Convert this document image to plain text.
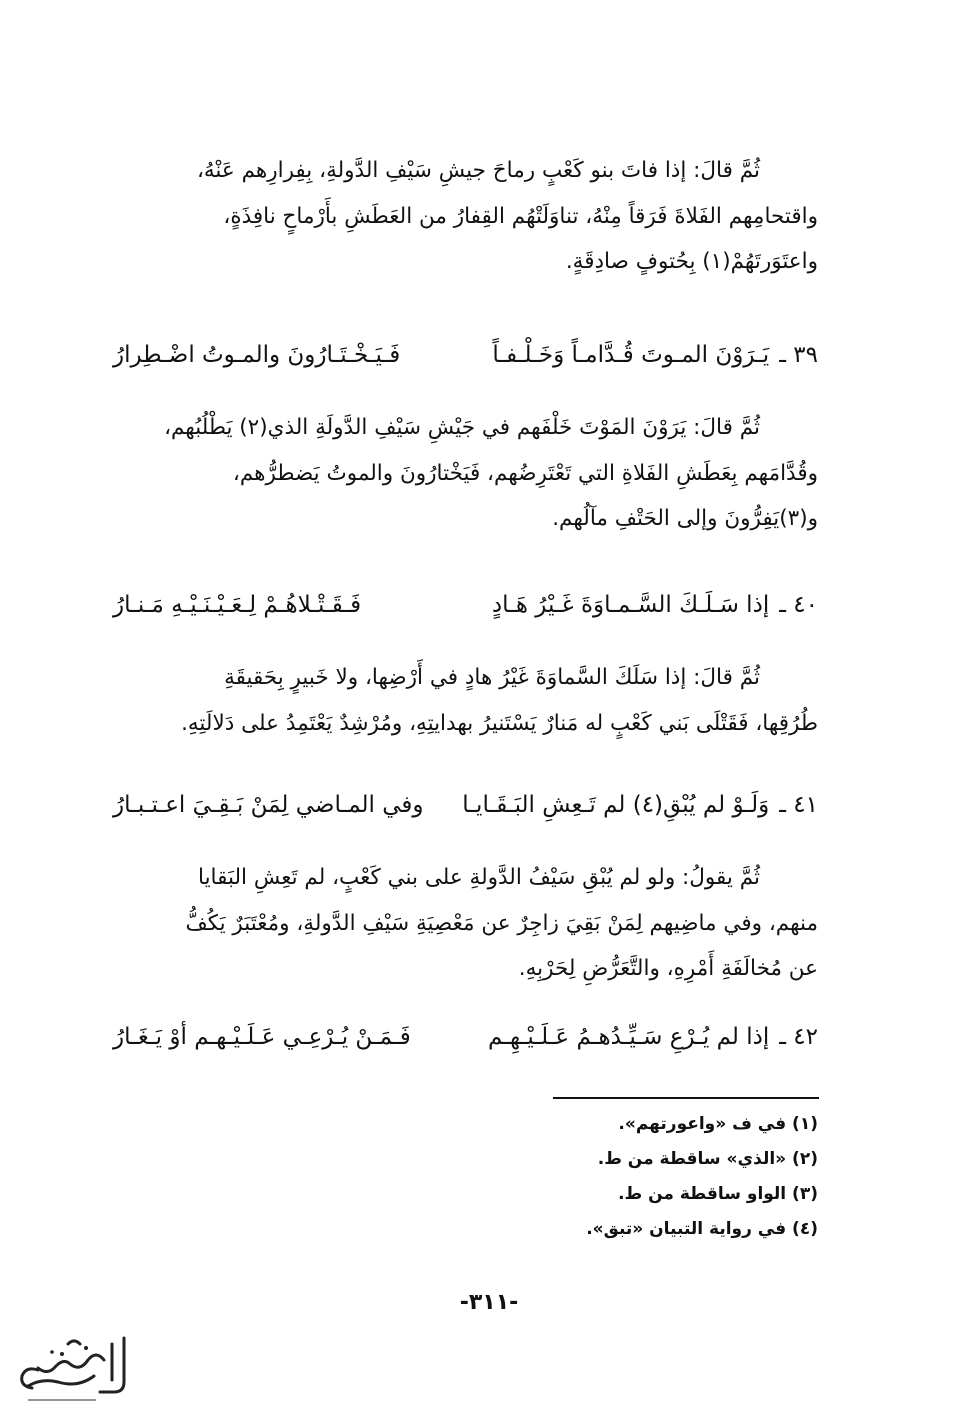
ثُمَّ قالَ: إذا فاتَ بنو كَعْبٍ رماحَ جيشِ سَيْفِ الدَّولةِ، بِفِرارِهم عَنْهُ،
واقتحامِهم الفَلاةَ فَرَقاً مِنْهُ، تناوَلَتْهُم القِفارُ من العَطَشِ بأَرْماحٍ نافِذَةٍ،
واعتَوَرتَهُمْ(١) بِحُتوفٍ صادِقَةٍ.
٣٩ ـ
يَـرَوْنَ المـوتَ قُـدَّامـاً وَخَـلْـفـاً
فَـيَـخْـتَـارُونَ والمـوتُ اضْـطِرارُ
ثُمَّ قالَ: يَرَوْنَ المَوْتَ خَلْفَهم في جَيْشِ سَيْفِ الدَّولَةِ الذي(٢) يَطْلُبُهم،
وقُدَّامَهم بِعَطَشِ الفَلاةِ التي تَعْتَرِضُهم، فَيَخْتارُونَ والموتُ يَضطرُّهم،
و(٣)يَفِرُّونَ وإلى الحَتْفِ مآلُهم.
٤٠ ـ
إذا سَـلَـكَ السَّـمـاوَةَ غَـيْرُ هَـادٍ
فَـقَـتْـلاهُـمْ لِـعَـيْـنَـيْـهِ مَـنـارُ
ثُمَّ قالَ: إذا سَلَكَ السَّماوَةَ غَيْرُ هادٍ في أَرْضِها، ولا خَبيرٍ بِحَقيقَةِ
طُرُقِها، فَقَتْلَى بَني كَعْبٍ له مَنارٌ يَسْتَنيرُ بهدايتِهِ، ومُرْشِدٌ يَعْتَمِدُ على دَلالَتِهِ.
٤١ ـ
وَلَـوْ لم يُبْقِ(٤) لم تَـعِشِ البَـقَـايـا
وفي المـاضي لِمَنْ بَـقِـيَ اعـتـبـارُ
ثُمَّ يقولُ: ولو لم يُبْقِ سَيْفُ الدَّولةِ على بني كَعْبٍ، لم تَعِشِ البَقايا
منهم، وفي ماضِيهم لِمَنْ بَقِيَ زاجِرٌ عن مَعْصِيَةِ سَيْفِ الدَّولةِ، ومُعْتَبَرٌ يَكُفُّ
عن مُخالَفَةِ أَمْرِهِ، والتَّعَرُّضِ لِحَرْبِهِ.
٤٢ ـ
إذا لم يُـرْعِ سَـيِّـدُهـمُ عَـلَـيْـهِـم
فَـمَـنْ يُـرْعِـي عَـلَـيْـهـم أوْ يَـغَـارُ
(١) في ف «واعورتهم».
(٢) «الذي» ساقطة من ط.
(٣) الواو ساقطة من ط.
(٤) في رواية التبيان «تبق».
-٣١١-
